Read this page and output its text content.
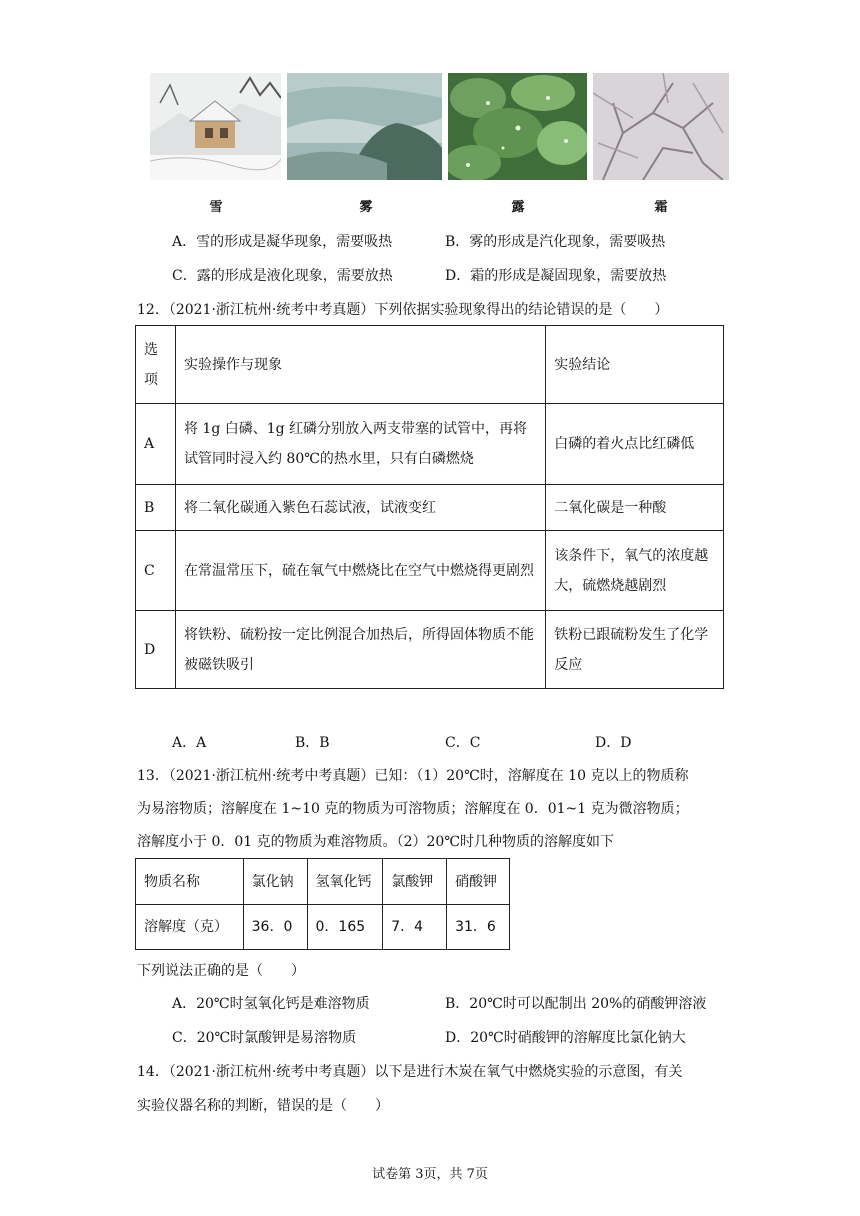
雪	雾	露	霜
A．雪的形成是凝华现象，需要吸热	B．雾的形成是汽化现象，需要吸热
C．露的形成是液化现象，需要放热	D．霜的形成是凝固现象，需要放热
12．（2021·浙江杭州·统考中考真题）下列依据实验现象得出的结论错误的是（　　）
选项	实验操作与现象	实验结论
A	将 1g 白磷、1g 红磷分别放入两支带塞的试管中，再将试管同时浸入约 80℃的热水里，只有白磷燃烧	白磷的着火点比红磷低
B	将二氧化碳通入紫色石蕊试液，试液变红	二氧化碳是一种酸
C	在常温常压下，硫在氧气中燃烧比在空气中燃烧得更剧烈	该条件下，氧气的浓度越大，硫燃烧越剧烈
D	将铁粉、硫粉按一定比例混合加热后，所得固体物质不能被磁铁吸引	铁粉已跟硫粉发生了化学反应
A．A	B．B	C．C	D．D
13．（2021·浙江杭州·统考中考真题）已知：（1）20℃时，溶解度在 10 克以上的物质称
为易溶物质；溶解度在 1~10 克的物质为可溶物质；溶解度在 0．01~1 克为微溶物质；
溶解度小于 0．01 克的物质为难溶物质。（2）20℃时几种物质的溶解度如下
物质名称	氯化钠	氢氧化钙	氯酸钾	硝酸钾
溶解度（克）	36．0	0．165	7．4	31．6
下列说法正确的是（　　）
A．20℃时氢氧化钙是难溶物质	B．20℃时可以配制出 20%的硝酸钾溶液
C．20℃时氯酸钾是易溶物质	D．20℃时硝酸钾的溶解度比氯化钠大
14．（2021·浙江杭州·统考中考真题）以下是进行木炭在氧气中燃烧实验的示意图，有关
实验仪器名称的判断，错误的是（　　）
试卷第 3页，共 7页
